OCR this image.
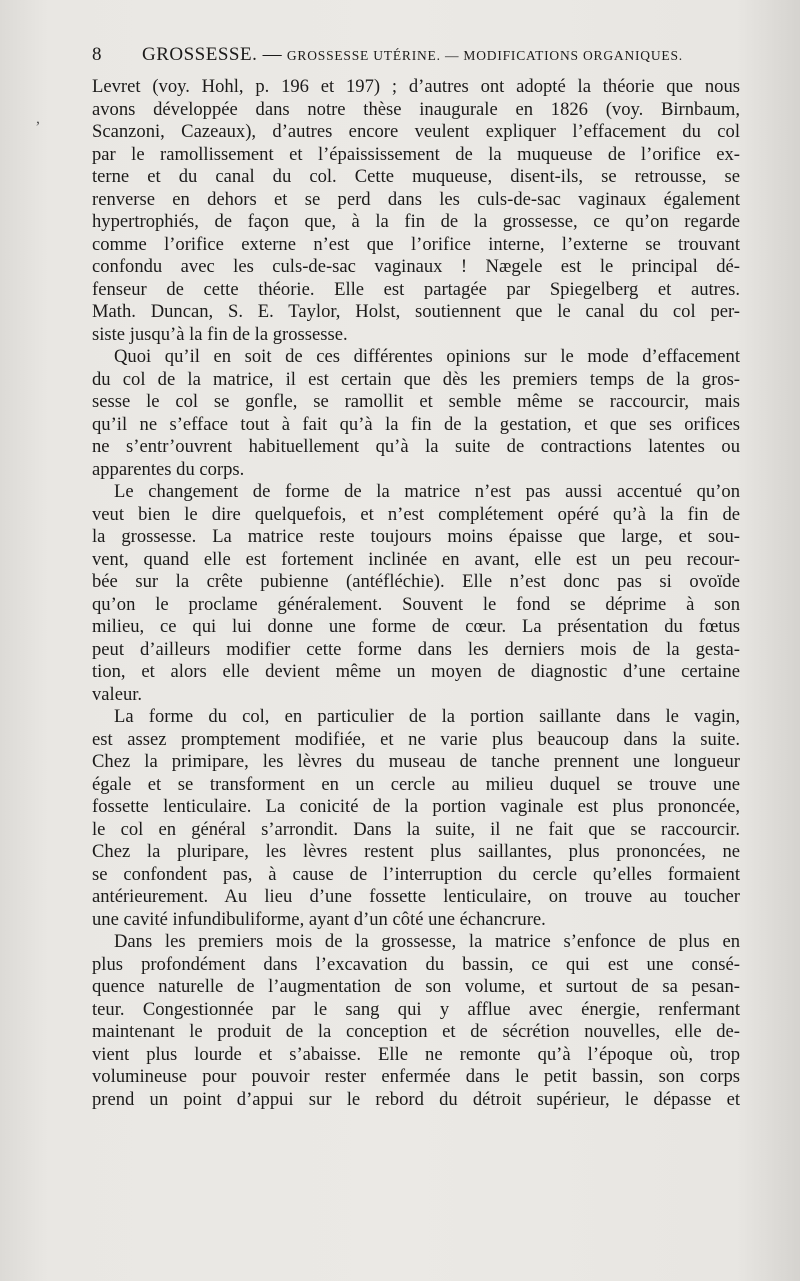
8 GROSSESSE. — GROSSESSE UTÉRINE. — MODIFICATIONS ORGANIQUES.
,

Levret (voy. Hohl, p. 196 et 197) ; d’autres ont adopté la théorie que nous
avons développée dans notre thèse inaugurale en 1826 (voy. Birnbaum,
Scanzoni, Cazeaux), d’autres encore veulent expliquer l’effacement du col
par le ramollissement et l’épaississement de la muqueuse de l’orifice ex-
terne et du canal du col. Cette muqueuse, disent-ils, se retrousse, se
renverse en dehors et se perd dans les culs-de-sac vaginaux également
hypertrophiés, de façon que, à la fin de la grossesse, ce qu’on regarde
comme l’orifice externe n’est que l’orifice interne, l’externe se trouvant
confondu avec les culs-de-sac vaginaux ! Nægele est le principal dé-
fenseur de cette théorie. Elle est partagée par Spiegelberg et autres.
Math. Duncan, S. E. Taylor, Holst, soutiennent que le canal du col per-
siste jusqu’à la fin de la grossesse.

Quoi qu’il en soit de ces différentes opinions sur le mode d’effacement
du col de la matrice, il est certain que dès les premiers temps de la gros-
sesse le col se gonfle, se ramollit et semble même se raccourcir, mais
qu’il ne s’efface tout à fait qu’à la fin de la gestation, et que ses orifices
ne s’entr’ouvrent habituellement qu’à la suite de contractions latentes ou
apparentes du corps.

Le changement de forme de la matrice n’est pas aussi accentué qu’on
veut bien le dire quelquefois, et n’est complétement opéré qu’à la fin de
la grossesse. La matrice reste toujours moins épaisse que large, et sou-
vent, quand elle est fortement inclinée en avant, elle est un peu recour-
bée sur la crête pubienne (antéfléchie). Elle n’est donc pas si ovoïde
qu’on le proclame généralement. Souvent le fond se déprime à son
milieu, ce qui lui donne une forme de cœur. La présentation du fœtus
peut d’ailleurs modifier cette forme dans les derniers mois de la gesta-
tion, et alors elle devient même un moyen de diagnostic d’une certaine
valeur.

La forme du col, en particulier de la portion saillante dans le vagin,
est assez promptement modifiée, et ne varie plus beaucoup dans la suite.
Chez la primipare, les lèvres du museau de tanche prennent une longueur
égale et se transforment en un cercle au milieu duquel se trouve une
fossette lenticulaire. La conicité de la portion vaginale est plus prononcée,
le col en général s’arrondit. Dans la suite, il ne fait que se raccourcir.
Chez la pluripare, les lèvres restent plus saillantes, plus prononcées, ne
se confondent pas, à cause de l’interruption du cercle qu’elles formaient
antérieurement. Au lieu d’une fossette lenticulaire, on trouve au toucher
une cavité infundibuliforme, ayant d’un côté une échancrure.

Dans les premiers mois de la grossesse, la matrice s’enfonce de plus en
plus profondément dans l’excavation du bassin, ce qui est une consé-
quence naturelle de l’augmentation de son volume, et surtout de sa pesan-
teur. Congestionnée par le sang qui y afflue avec énergie, renfermant
maintenant le produit de la conception et de sécrétion nouvelles, elle de-
vient plus lourde et s’abaisse. Elle ne remonte qu’à l’époque où, trop
volumineuse pour pouvoir rester enfermée dans le petit bassin, son corps
prend un point d’appui sur le rebord du détroit supérieur, le dépasse et
